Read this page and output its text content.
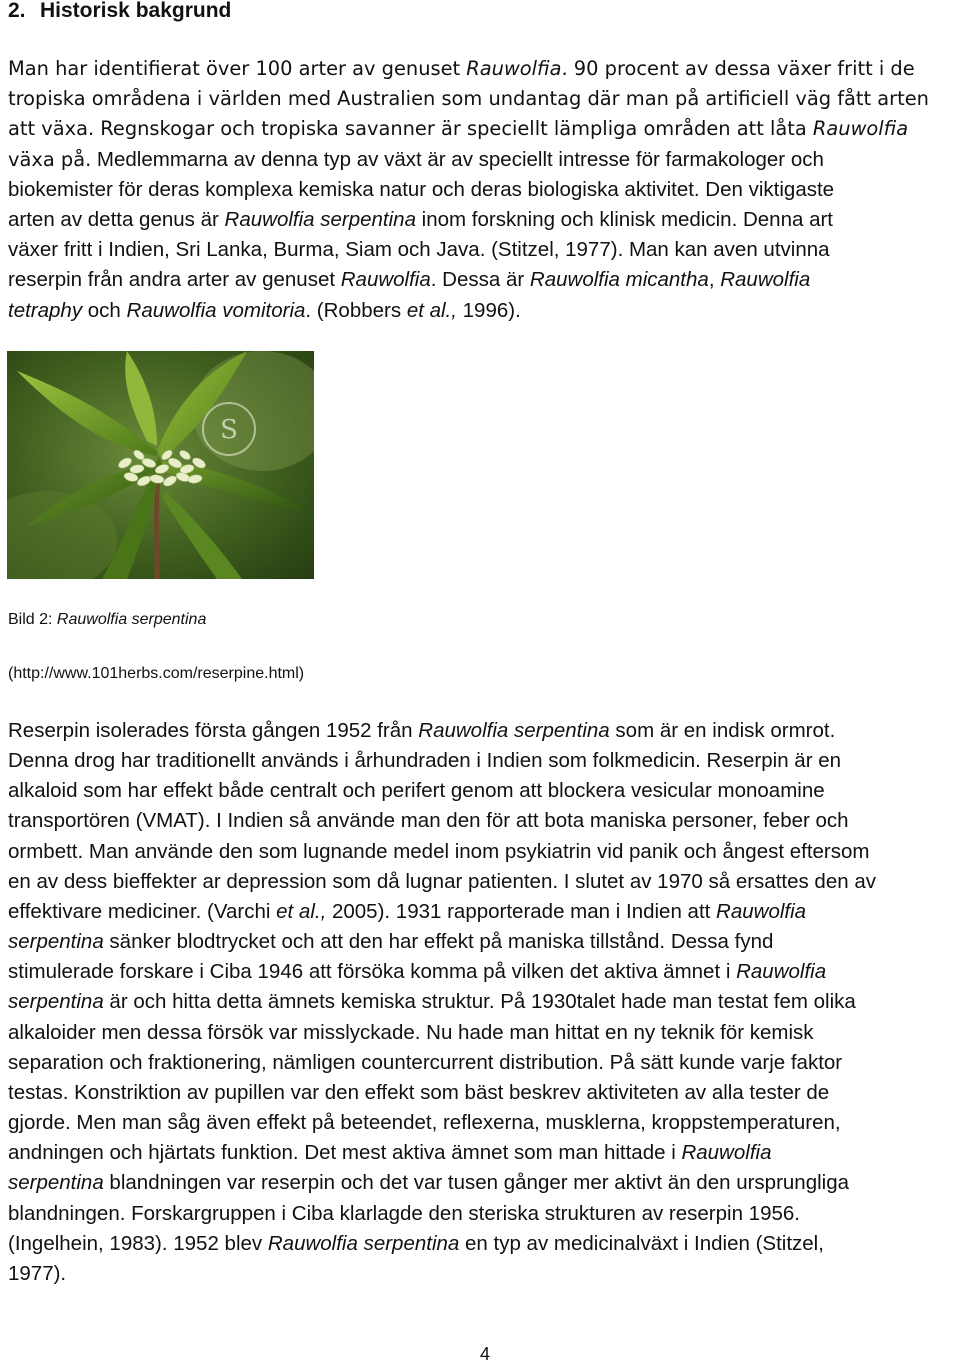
2. Historisk bakgrund

Man har identifierat över 100 arter av genuset Rauwolfia. 90 procent av dessa växer fritt i de
tropiska områdena i världen med Australien som undantag där man på artificiell väg fått arten
att växa. Regnskogar och tropiska savanner är speciellt lämpliga områden att låta Rauwolfia
växa på. Medlemmarna av denna typ av växt är av speciellt intresse för farmakologer och
biokemister för deras komplexa kemiska natur och deras biologiska aktivitet. Den viktigaste
arten av detta genus är Rauwolfia serpentina inom forskning och klinisk medicin. Denna art
växer fritt i Indien, Sri Lanka, Burma, Siam och Java. (Stitzel, 1977). Man kan aven utvinna
reserpin från andra arter av genuset Rauwolfia. Dessa är Rauwolfia micantha, Rauwolfia
tetraphy och Rauwolfia vomitoria. (Robbers et al., 1996).

S

Bild 2: Rauwolfia serpentina

(http://www.101herbs.com/reserpine.html)

Reserpin isolerades första gången 1952 från Rauwolfia serpentina som är en indisk ormrot.
Denna drog har traditionellt används i århundraden i Indien som folkmedicin. Reserpin är en
alkaloid som har effekt både centralt och perifert genom att blockera vesicular monoamine
transportören (VMAT). I Indien så använde man den för att bota maniska personer, feber och
ormbett. Man använde den som lugnande medel inom psykiatrin vid panik och ångest eftersom
en av dess bieffekter ar depression som då lugnar patienten. I slutet av 1970 så ersattes den av
effektivare mediciner. (Varchi et al., 2005). 1931 rapporterade man i Indien att Rauwolfia
serpentina sänker blodtrycket och att den har effekt på maniska tillstånd. Dessa fynd
stimulerade forskare i Ciba 1946 att försöka komma på vilken det aktiva ämnet i Rauwolfia
serpentina är och hitta detta ämnets kemiska struktur. På 1930talet hade man testat fem olika
alkaloider men dessa försök var misslyckade. Nu hade man hittat en ny teknik för kemisk
separation och fraktionering, nämligen countercurrent distribution. På sätt kunde varje faktor
testas. Konstriktion av pupillen var den effekt som bäst beskrev aktiviteten av alla tester de
gjorde. Men man såg även effekt på beteendet, reflexerna, musklerna, kroppstemperaturen,
andningen och hjärtats funktion. Det mest aktiva ämnet som man hittade i Rauwolfia
serpentina blandningen var reserpin och det var tusen gånger mer aktivt än den ursprungliga
blandningen. Forskargruppen i Ciba klarlagde den steriska strukturen av reserpin 1956.
(Ingelhein, 1983). 1952 blev Rauwolfia serpentina en typ av medicinalväxt i Indien (Stitzel,
1977).

4
